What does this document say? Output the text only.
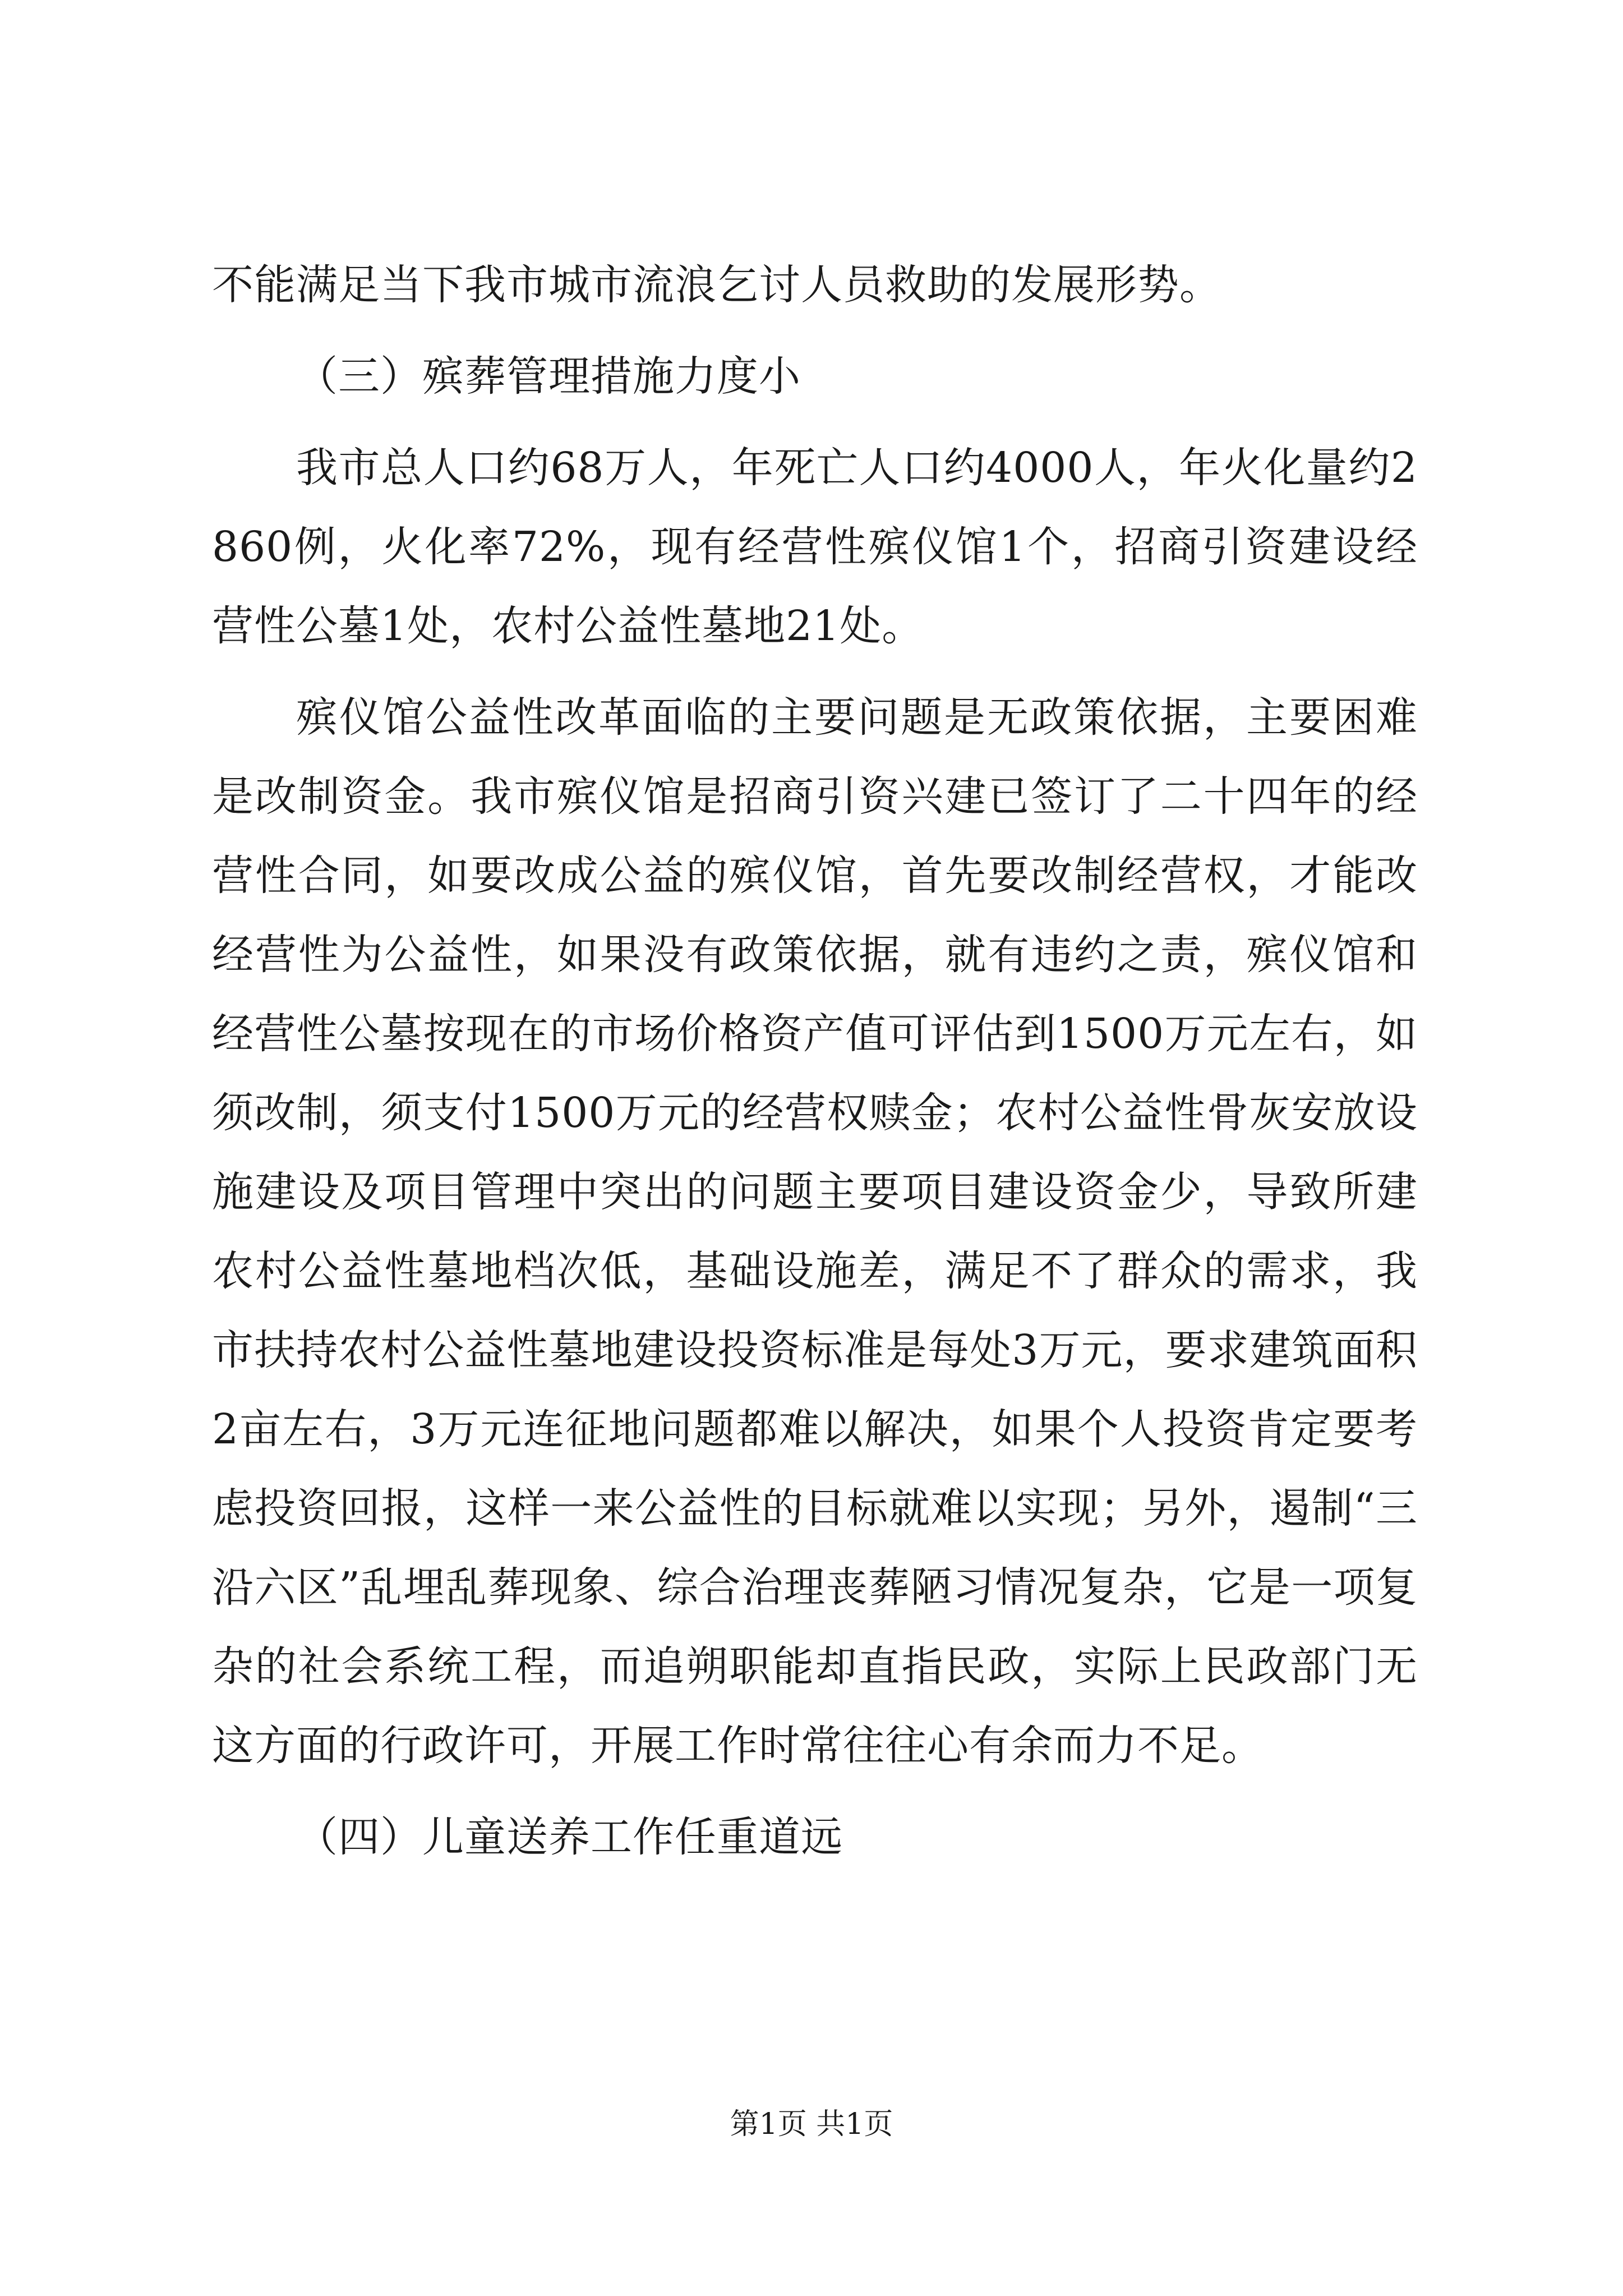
不能满足当下我市城市流浪乞讨人员救助的发展形势。

（三）殡葬管理措施力度小

我市总人口约68万人，年死亡人口约4000人，年火化量约2860例，火化率72%，现有经营性殡仪馆1个，招商引资建设经营性公墓1处，农村公益性墓地21处。

殡仪馆公益性改革面临的主要问题是无政策依据，主要困难是改制资金。我市殡仪馆是招商引资兴建已签订了二十四年的经营性合同，如要改成公益的殡仪馆，首先要改制经营权，才能改经营性为公益性，如果没有政策依据，就有违约之责，殡仪馆和经营性公墓按现在的市场价格资产值可评估到1500万元左右，如须改制，须支付1500万元的经营权赎金；农村公益性骨灰安放设施建设及项目管理中突出的问题主要项目建设资金少，导致所建农村公益性墓地档次低，基础设施差，满足不了群众的需求，我市扶持农村公益性墓地建设投资标准是每处3万元，要求建筑面积2亩左右，3万元连征地问题都难以解决，如果个人投资肯定要考虑投资回报，这样一来公益性的目标就难以实现；另外，遏制“三沿六区”乱埋乱葬现象、综合治理丧葬陋习情况复杂，它是一项复杂的社会系统工程，而追朔职能却直指民政，实际上民政部门无这方面的行政许可，开展工作时常往往心有余而力不足。

（四）儿童送养工作任重道远

第1页 共1页
